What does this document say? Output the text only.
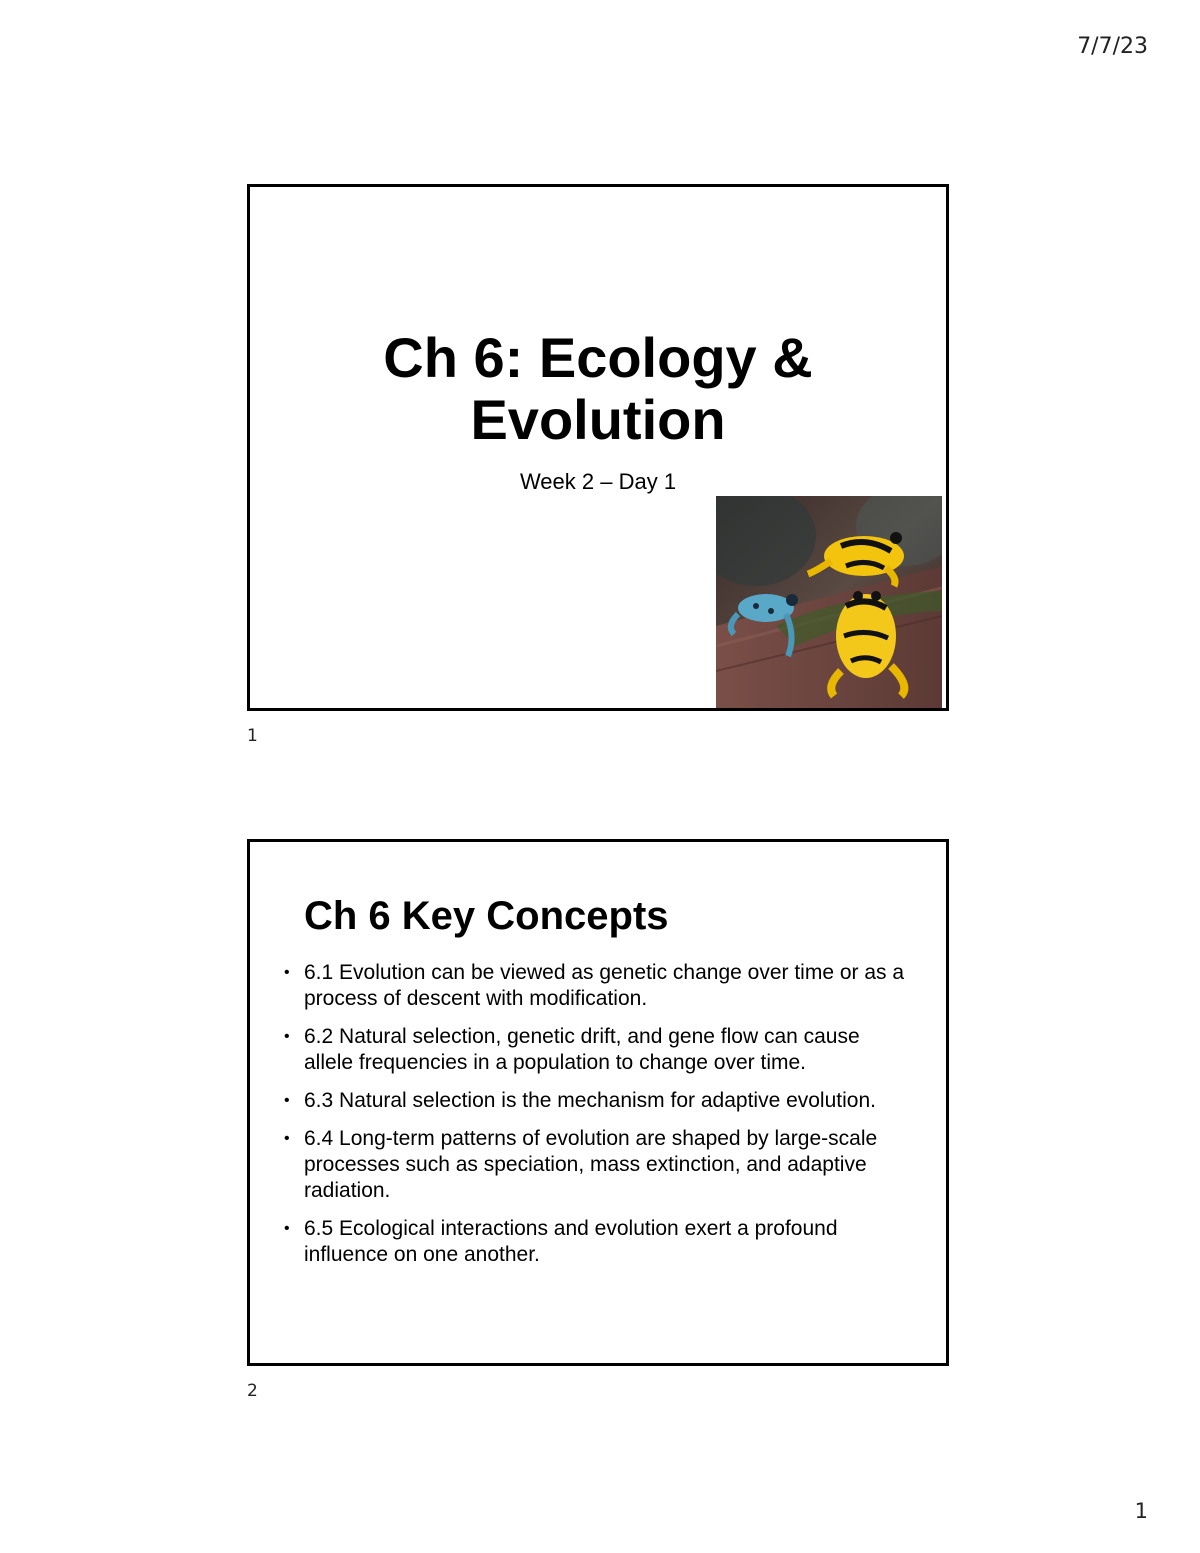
7/7/23
Ch 6: Ecology & Evolution
Week 2 – Day 1
1
Ch 6 Key Concepts
• 6.1 Evolution can be viewed as genetic change over time or as a process of descent with modification.
• 6.2 Natural selection, genetic drift, and gene flow can cause allele frequencies in a population to change over time.
• 6.3 Natural selection is the mechanism for adaptive evolution.
• 6.4 Long-term patterns of evolution are shaped by large-scale processes such as speciation, mass extinction, and adaptive radiation.
• 6.5 Ecological interactions and evolution exert a profound influence on one another.
2
1
